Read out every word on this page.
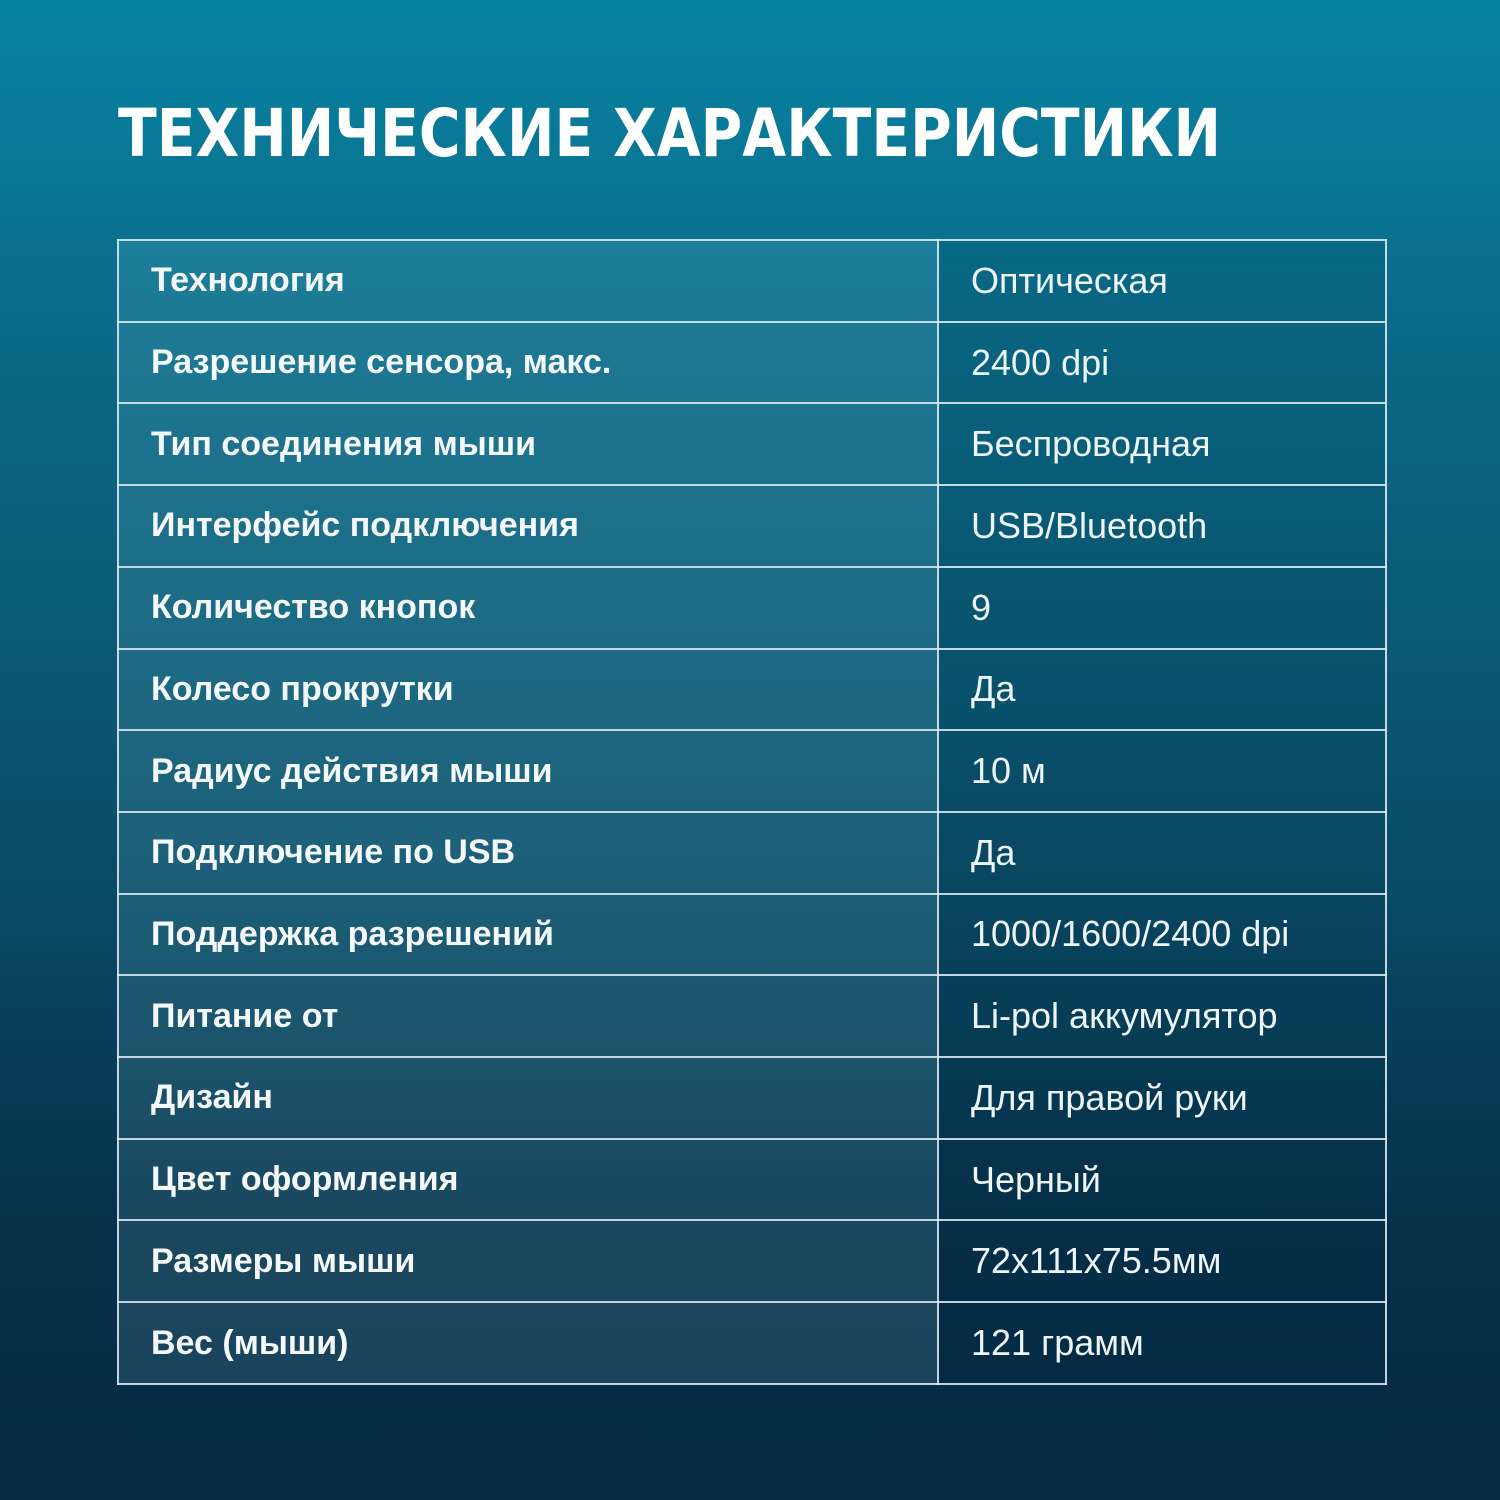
ТЕХНИЧЕСКИЕ ХАРАКТЕРИСТИКИ
Технология	Оптическая
Разрешение сенсора, макс.	2400 dpi
Тип соединения мыши	Беспроводная
Интерфейс подключения	USB/Bluetooth
Количество кнопок	9
Колесо прокрутки	Да
Радиус действия мыши	10 м
Подключение по USB	Да
Поддержка разрешений	1000/1600/2400 dpi
Питание от	Li-pol аккумулятор
Дизайн	Для правой руки
Цвет оформления	Черный
Размеры мыши	72x111x75.5мм
Вес (мыши)	121 грамм
